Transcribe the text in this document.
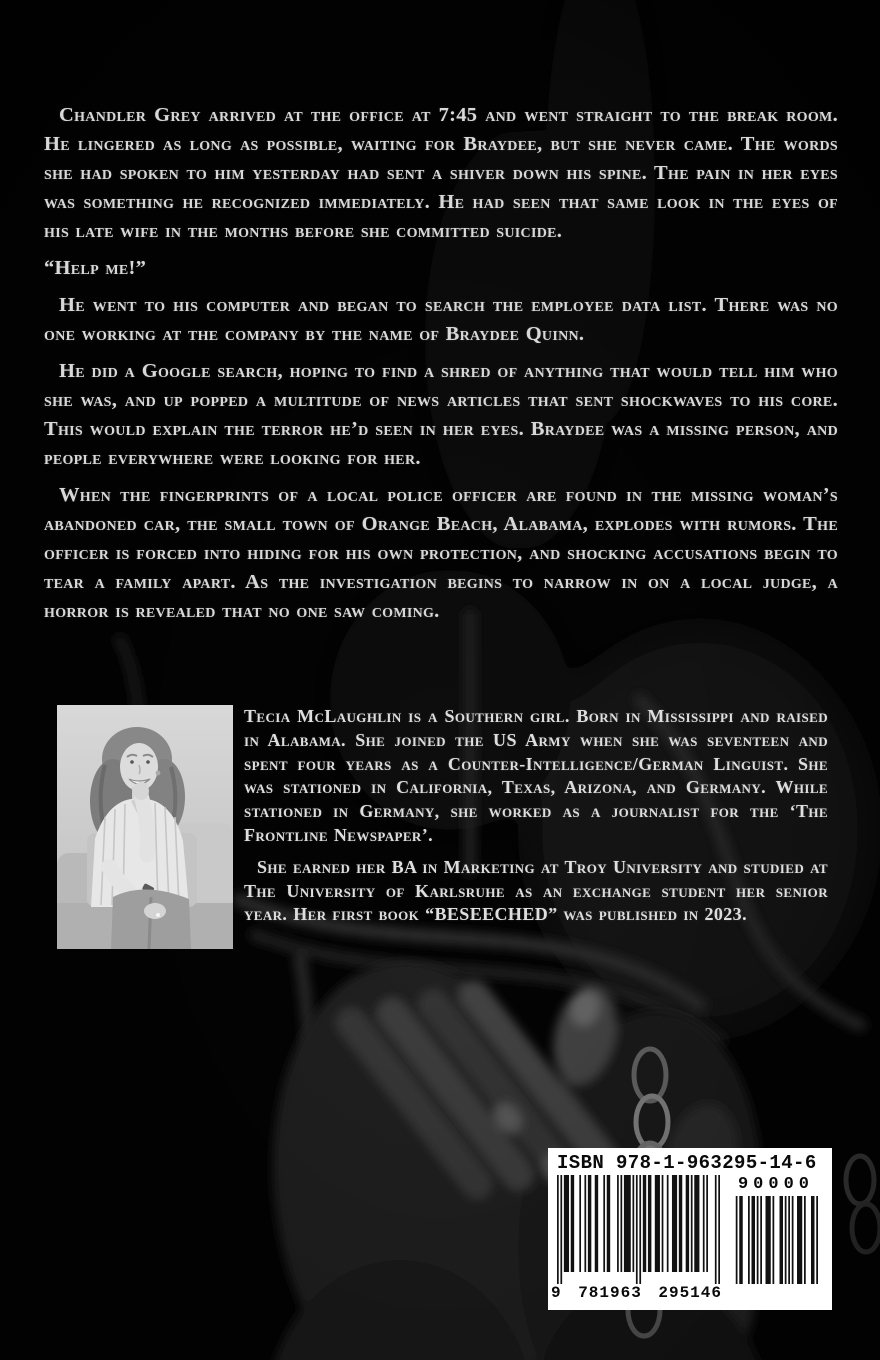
Chandler Grey arrived at the office at 7:45 and went straight to the break room. He lingered as long as possible, waiting for Braydee, but she never came. The words she had spoken to him yesterday had sent a shiver down his spine. The pain in her eyes was something he recognized immediately. He had seen that same look in the eyes of his late wife in the months before she committed suicide.

“Help me!”

He went to his computer and began to search the employee data list. There was no one working at the company by the name of Braydee Quinn.

He did a Google search, hoping to find a shred of anything that would tell him who she was, and up popped a multitude of news articles that sent shockwaves to his core. This would explain the terror he’d seen in her eyes. Braydee was a missing person, and people everywhere were looking for her.

When the fingerprints of a local police officer are found in the missing woman’s abandoned car, the small town of Orange Beach, Alabama, explodes with rumors. The officer is forced into hiding for his own protection, and shocking accusations begin to tear a family apart. As the investigation begins to narrow in on a local judge, a horror is revealed that no one saw coming.

Tecia McLaughlin is a Southern girl. Born in Mississippi and raised in Alabama. She joined the US Army when she was seventeen and spent four years as a Counter-Intelligence/German Linguist. She was stationed in California, Texas, Arizona, and Germany. While stationed in Germany, she worked as a journalist for the ‘The Frontline Newspaper’.

She earned her BA in Marketing at Troy University and studied at The University of Karlsruhe as an exchange student her senior year. Her first book “BESEECHED” was published in 2023.

ISBN 978-1-963295-14-6
9 781963 295146
90000
